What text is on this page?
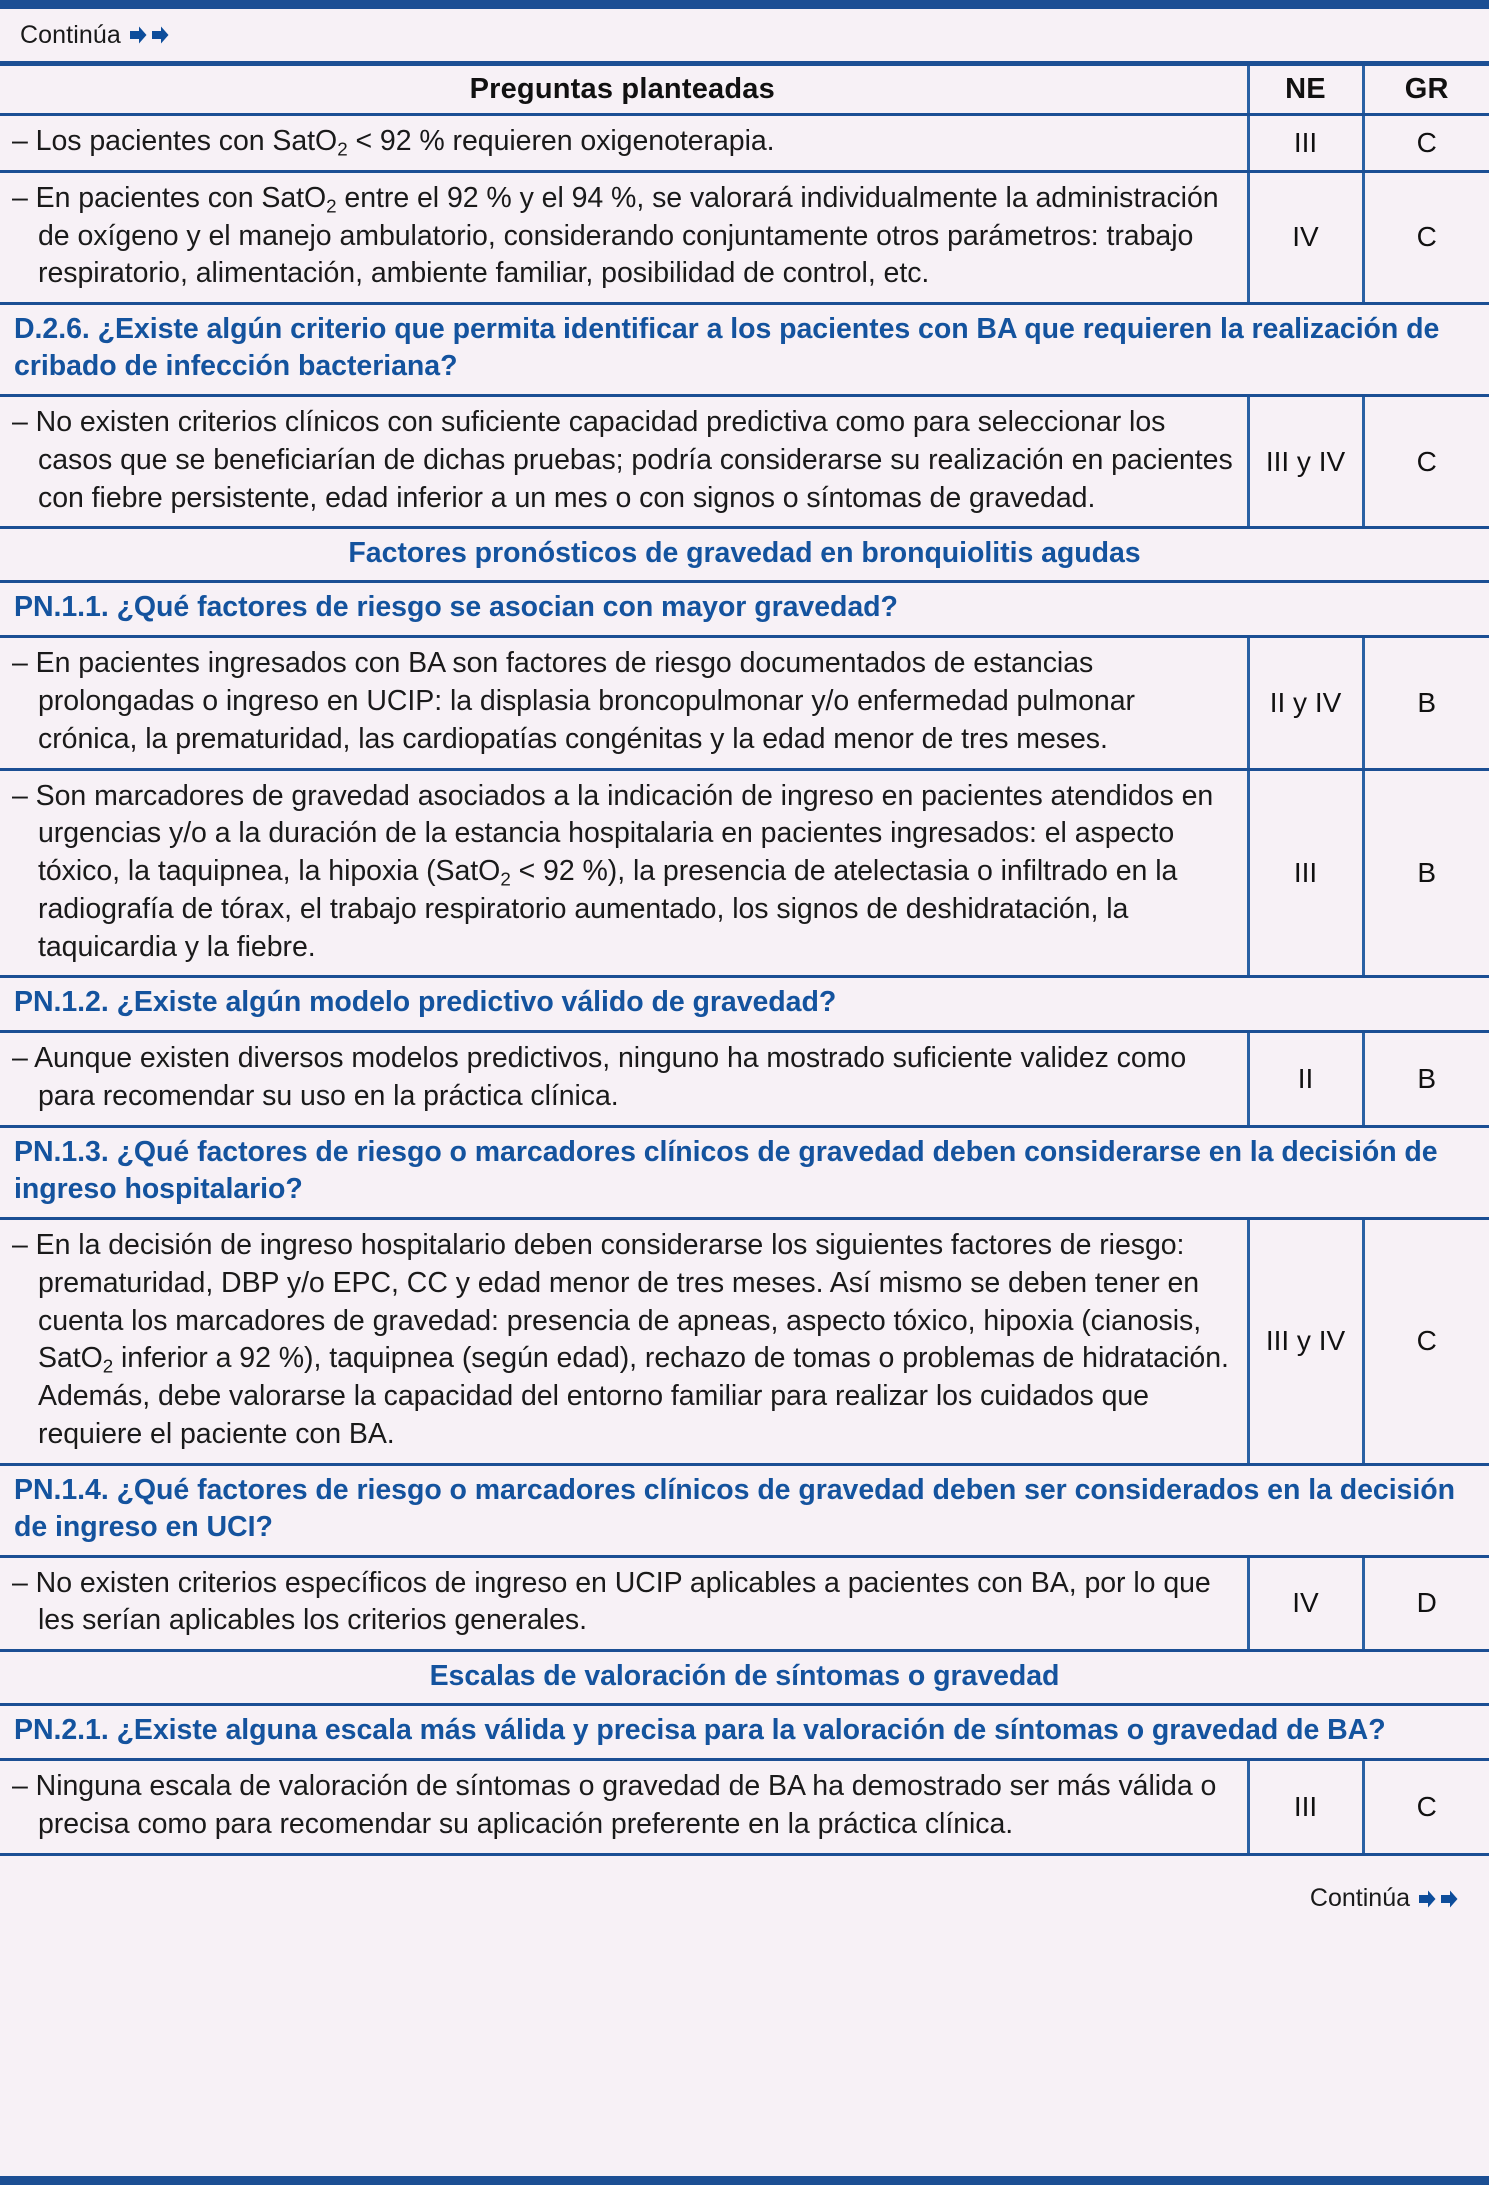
Continúa
Preguntas planteadas	NE	GR

– Los pacientes con SatO$_2$ < 92 % requieren oxigenoterapia.	III	C

– En pacientes con SatO$_2$ entre el 92 % y el 94 %, se valorará individualmente la administración de oxígeno y el manejo ambulatorio, considerando conjuntamente otros parámetros: trabajo respiratorio, alimentación, ambiente familiar, posibilidad de control, etc.	IV	C

D.2.6. ¿Existe algún criterio que permita identificar a los pacientes con BA que requieren la realización de cribado de infección bacteriana?		

– No existen criterios clínicos con suficiente capacidad predictiva como para seleccionar los casos que se beneficiarían de dichas pruebas; podría considerarse su realización en pacientes con fiebre persistente, edad inferior a un mes o con signos o síntomas de gravedad.	III y IV	C
Factores pronósticos de gravedad en bronquiolitis agudas		

PN.1.1. ¿Qué factores de riesgo se asocian con mayor gravedad?		

– En pacientes ingresados con BA son factores de riesgo documentados de estancias prolongadas o ingreso en UCIP: la displasia broncopulmonar y/o enfermedad pulmonar crónica, la prematuridad, las cardiopatías congénitas y la edad menor de tres meses.	II y IV	B

– Son marcadores de gravedad asociados a la indicación de ingreso en pacientes atendidos en urgencias y/o a la duración de la estancia hospitalaria en pacientes ingresados: el aspecto tóxico, la taquipnea, la hipoxia (SatO$_2$ < 92 %), la presencia de atelectasia o infiltrado en la radiografía de tórax, el trabajo respiratorio aumentado, los signos de deshidratación, la taquicardia y la fiebre.	III	B

PN.1.2. ¿Existe algún modelo predictivo válido de gravedad?		

– Aunque existen diversos modelos predictivos, ninguno ha mostrado suficiente validez como para recomendar su uso en la práctica clínica.	II	B

PN.1.3. ¿Qué factores de riesgo o marcadores clínicos de gravedad deben considerarse en la decisión de ingreso hospitalario?		

– En la decisión de ingreso hospitalario deben considerarse los siguientes factores de riesgo: prematuridad, DBP y/o EPC, CC y edad menor de tres meses. Así mismo se deben tener en cuenta los marcadores de gravedad: presencia de apneas, aspecto tóxico, hipoxia (cianosis, SatO$_2$ inferior a 92 %), taquipnea (según edad), rechazo de tomas o problemas de hidratación. Además, debe valorarse la capacidad del entorno familiar para realizar los cuidados que requiere el paciente con BA.	III y IV	C

PN.1.4. ¿Qué factores de riesgo o marcadores clínicos de gravedad deben ser considerados en la decisión de ingreso en UCI?		

– No existen criterios específicos de ingreso en UCIP aplicables a pacientes con BA, por lo que les serían aplicables los criterios generales.	IV	D
Escalas de valoración de síntomas o gravedad		

PN.2.1. ¿Existe alguna escala más válida y precisa para la valoración de síntomas o gravedad de BA?		

– Ninguna escala de valoración de síntomas o gravedad de BA ha demostrado ser más válida o precisa como para recomendar su aplicación preferente en la práctica clínica.	III	C
Continúa
